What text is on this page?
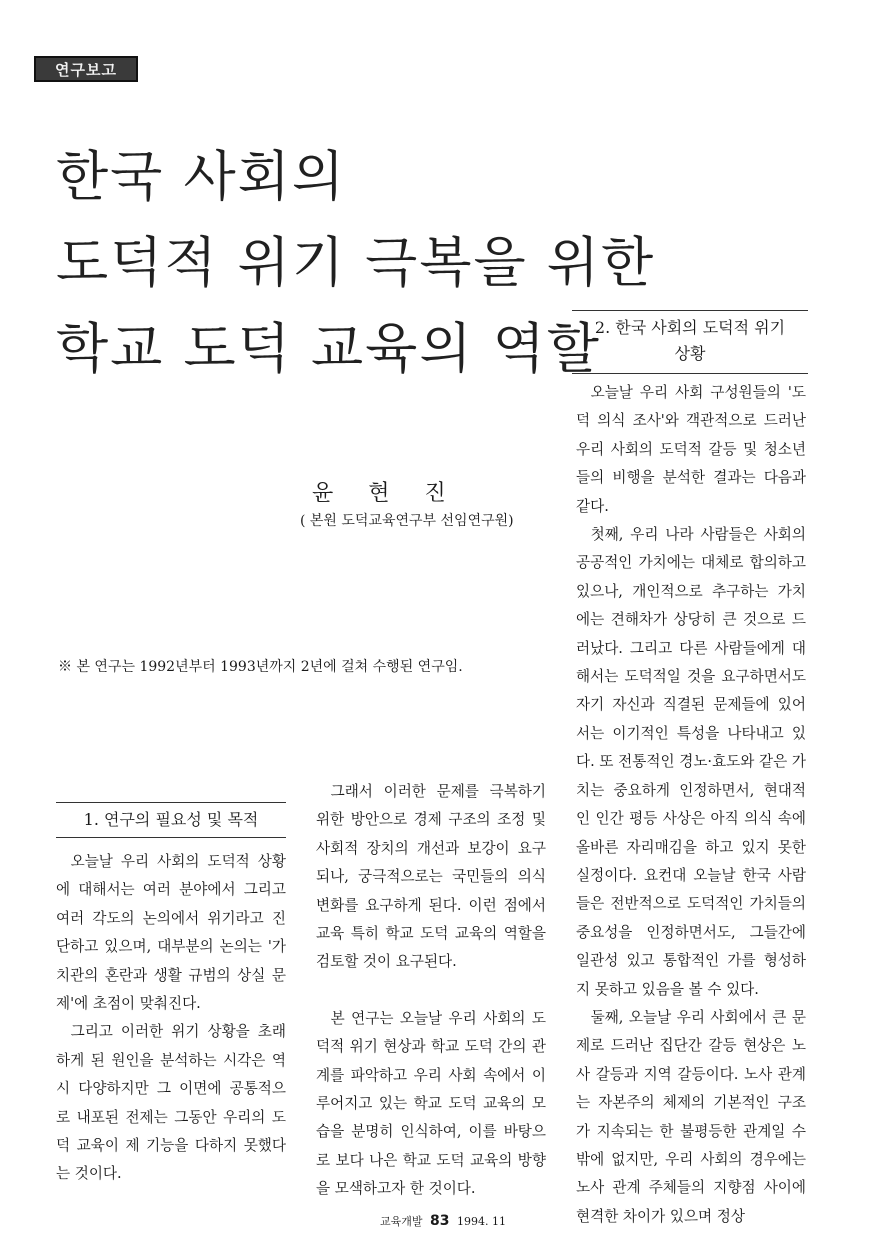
연구보고
한국 사회의
도덕적 위기 극복을 위한
학교 도덕 교육의 역할
윤 현 진
( 본원 도덕교육연구부 선임연구원)
※ 본 연구는 1992년부터 1993년까지 2년에 걸쳐 수행된 연구임.
2. 한국 사회의 도덕적 위기
상황

오늘날 우리 사회 구성원들의 '도덕 의식 조사'와 객관적으로 드러난 우리 사회의 도덕적 갈등 및 청소년들의 비행을 분석한 결과는 다음과 같다.

첫째, 우리 나라 사람들은 사회의 공공적인 가치에는 대체로 합의하고 있으나, 개인적으로 추구하는 가치에는 견해차가 상당히 큰 것으로 드러났다. 그리고 다른 사람들에게 대해서는 도덕적일 것을 요구하면서도 자기 자신과 직결된 문제들에 있어서는 이기적인 특성을 나타내고 있다. 또 전통적인 경노·효도와 같은 가치는 중요하게 인정하면서, 현대적인 인간 평등 사상은 아직 의식 속에 올바른 자리매김을 하고 있지 못한 실정이다. 요컨대 오늘날 한국 사람들은 전반적으로 도덕적인 가치들의 중요성을 인정하면서도, 그들간에 일관성 있고 통합적인 가를 형성하지 못하고 있음을 볼 수 있다.

둘째, 오늘날 우리 사회에서 큰 문제로 드러난 집단간 갈등 현상은 노사 갈등과 지역 갈등이다. 노사 관계는 자본주의 체제의 기본적인 구조가 지속되는 한 불평등한 관계일 수 밖에 없지만, 우리 사회의 경우에는 노사 관계 주체들의 지향점 사이에 현격한 차이가 있으며 정상

1. 연구의 필요성 및 목적

오늘날 우리 사회의 도덕적 상황에 대해서는 여러 분야에서 그리고 여러 각도의 논의에서 위기라고 진단하고 있으며, 대부분의 논의는 '가치관의 혼란과 생활 규범의 상실 문제'에 초점이 맞춰진다.

그리고 이러한 위기 상황을 초래하게 된 원인을 분석하는 시각은 역시 다양하지만 그 이면에 공통적으로 내포된 전제는 그동안 우리의 도덕 교육이 제 기능을 다하지 못했다는 것이다.

그래서 이러한 문제를 극복하기 위한 방안으로 경제 구조의 조정 및 사회적 장치의 개선과 보강이 요구되나, 궁극적으로는 국민들의 의식 변화를 요구하게 된다. 이런 점에서 교육 특히 학교 도덕 교육의 역할을 검토할 것이 요구된다.

본 연구는 오늘날 우리 사회의 도덕적 위기 현상과 학교 도덕 간의 관계를 파악하고 우리 사회 속에서 이루어지고 있는 학교 도덕 교육의 모습을 분명히 인식하여, 이를 바탕으로 보다 나은 학교 도덕 교육의 방향을 모색하고자 한 것이다.

교육개발 83 1994. 11
